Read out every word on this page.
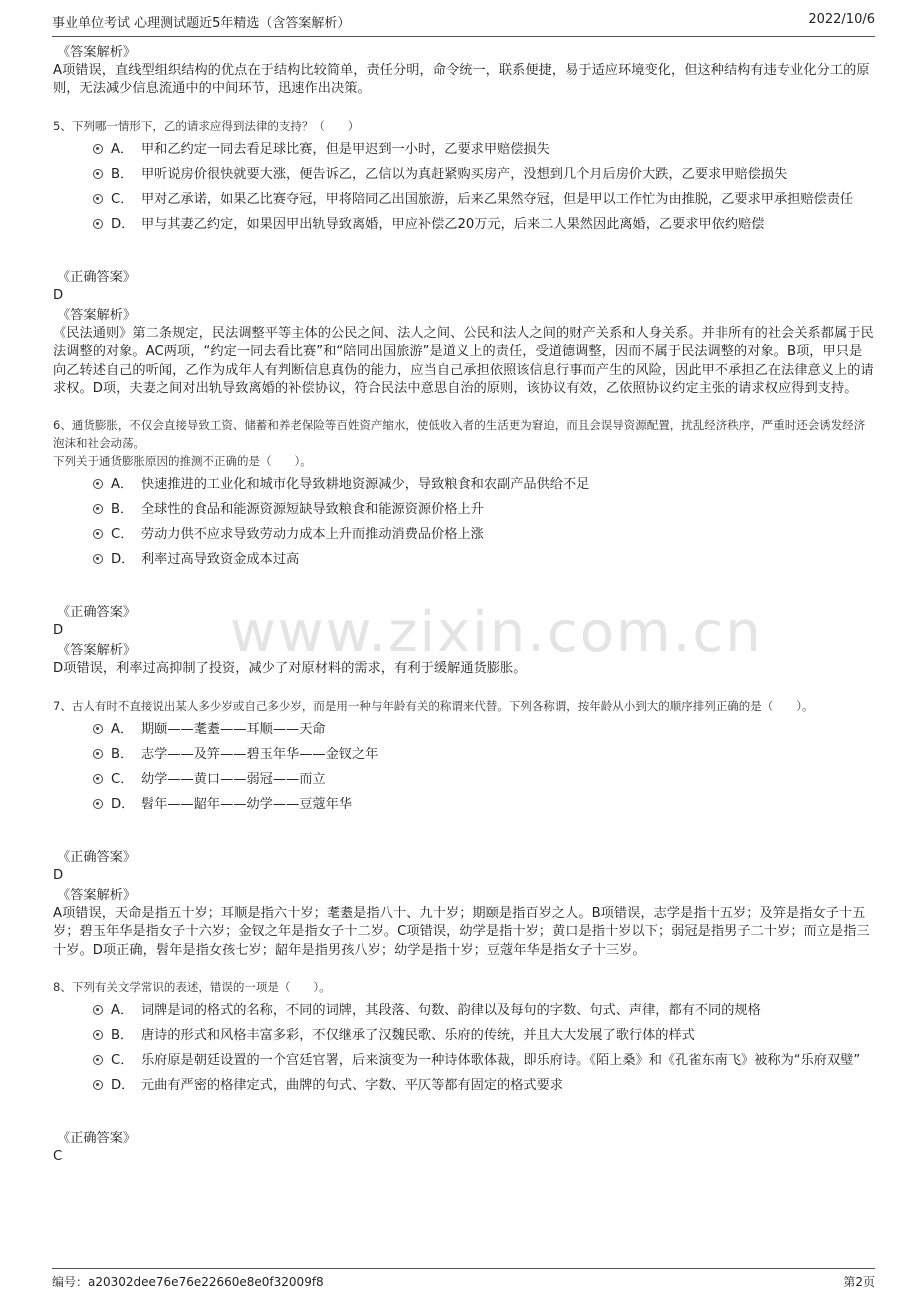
事业单位考试 心理测试题近5年精选（含答案解析）	2022/10/6
www.zixin.com.cn
《答案解析》
A项错误，直线型组织结构的优点在于结构比较简单，责任分明，命令统一，联系便捷，易于适应环境变化，但这种结构有违专业化分工的原则，无法减少信息流通中的中间环节，迅速作出决策。
5、下列哪一情形下，乙的请求应得到法律的支持？（　　）
A． 甲和乙约定一同去看足球比赛，但是甲迟到一小时，乙要求甲赔偿损失
B． 甲听说房价很快就要大涨，便告诉乙，乙信以为真赶紧购买房产，没想到几个月后房价大跌，乙要求甲赔偿损失
C． 甲对乙承诺，如果乙比赛夺冠，甲将陪同乙出国旅游，后来乙果然夺冠，但是甲以工作忙为由推脱，乙要求甲承担赔偿责任
D． 甲与其妻乙约定，如果因甲出轨导致离婚，甲应补偿乙20万元，后来二人果然因此离婚，乙要求甲依约赔偿
《正确答案》
D
《答案解析》
《民法通则》第二条规定，民法调整平等主体的公民之间、法人之间、公民和法人之间的财产关系和人身关系。并非所有的社会关系都属于民法调整的对象。AC两项，“约定一同去看比赛”和“陪同出国旅游”是道义上的责任，受道德调整，因而不属于民法调整的对象。B项，甲只是向乙转述自己的听闻，乙作为成年人有判断信息真伪的能力，应当自己承担依照该信息行事而产生的风险，因此甲不承担乙在法律意义上的请求权。D项，夫妻之间对出轨导致离婚的补偿协议，符合民法中意思自治的原则，该协议有效，乙依照协议约定主张的请求权应得到支持。
6、通货膨胀，不仅会直接导致工资、储蓄和养老保险等百姓资产缩水，使低收入者的生活更为窘迫，而且会误导资源配置，扰乱经济秩序，严重时还会诱发经济泡沫和社会动荡。
下列关于通货膨胀原因的推测不正确的是（　　）。
A． 快速推进的工业化和城市化导致耕地资源减少，导致粮食和农副产品供给不足
B． 全球性的食品和能源资源短缺导致粮食和能源资源价格上升
C． 劳动力供不应求导致劳动力成本上升而推动消费品价格上涨
D． 利率过高导致资金成本过高
《正确答案》
D
《答案解析》
D项错误，利率过高抑制了投资，减少了对原材料的需求，有利于缓解通货膨胀。
7、古人有时不直接说出某人多少岁或自己多少岁，而是用一种与年龄有关的称谓来代替。下列各称谓，按年龄从小到大的顺序排列正确的是（　　）。
A． 期颐——耄耋——耳顺——天命
B． 志学——及笄——碧玉年华——金钗之年
C． 幼学——黄口——弱冠——而立
D． 髫年——龆年——幼学——豆蔻年华
《正确答案》
D
《答案解析》
A项错误，天命是指五十岁；耳顺是指六十岁；耄耋是指八十、九十岁；期颐是指百岁之人。B项错误，志学是指十五岁；及笄是指女子十五岁；碧玉年华是指女子十六岁；金钗之年是指女子十二岁。C项错误，幼学是指十岁；黄口是指十岁以下；弱冠是指男子二十岁；而立是指三十岁。D项正确，髫年是指女孩七岁；龆年是指男孩八岁；幼学是指十岁；豆蔻年华是指女子十三岁。
8、下列有关文学常识的表述，错误的一项是（　　）。
A． 词牌是词的格式的名称，不同的词牌，其段落、句数、韵律以及每句的字数、句式、声律，都有不同的规格
B． 唐诗的形式和风格丰富多彩，不仅继承了汉魏民歌、乐府的传统，并且大大发展了歌行体的样式
C． 乐府原是朝廷设置的一个宫廷官署，后来演变为一种诗体歌体裁，即乐府诗。《陌上桑》和《孔雀东南飞》被称为“乐府双璧”
D． 元曲有严密的格律定式，曲牌的句式、字数、平仄等都有固定的格式要求
《正确答案》
C
编号：a20302dee76e76e22660e8e0f32009f8	第2页
